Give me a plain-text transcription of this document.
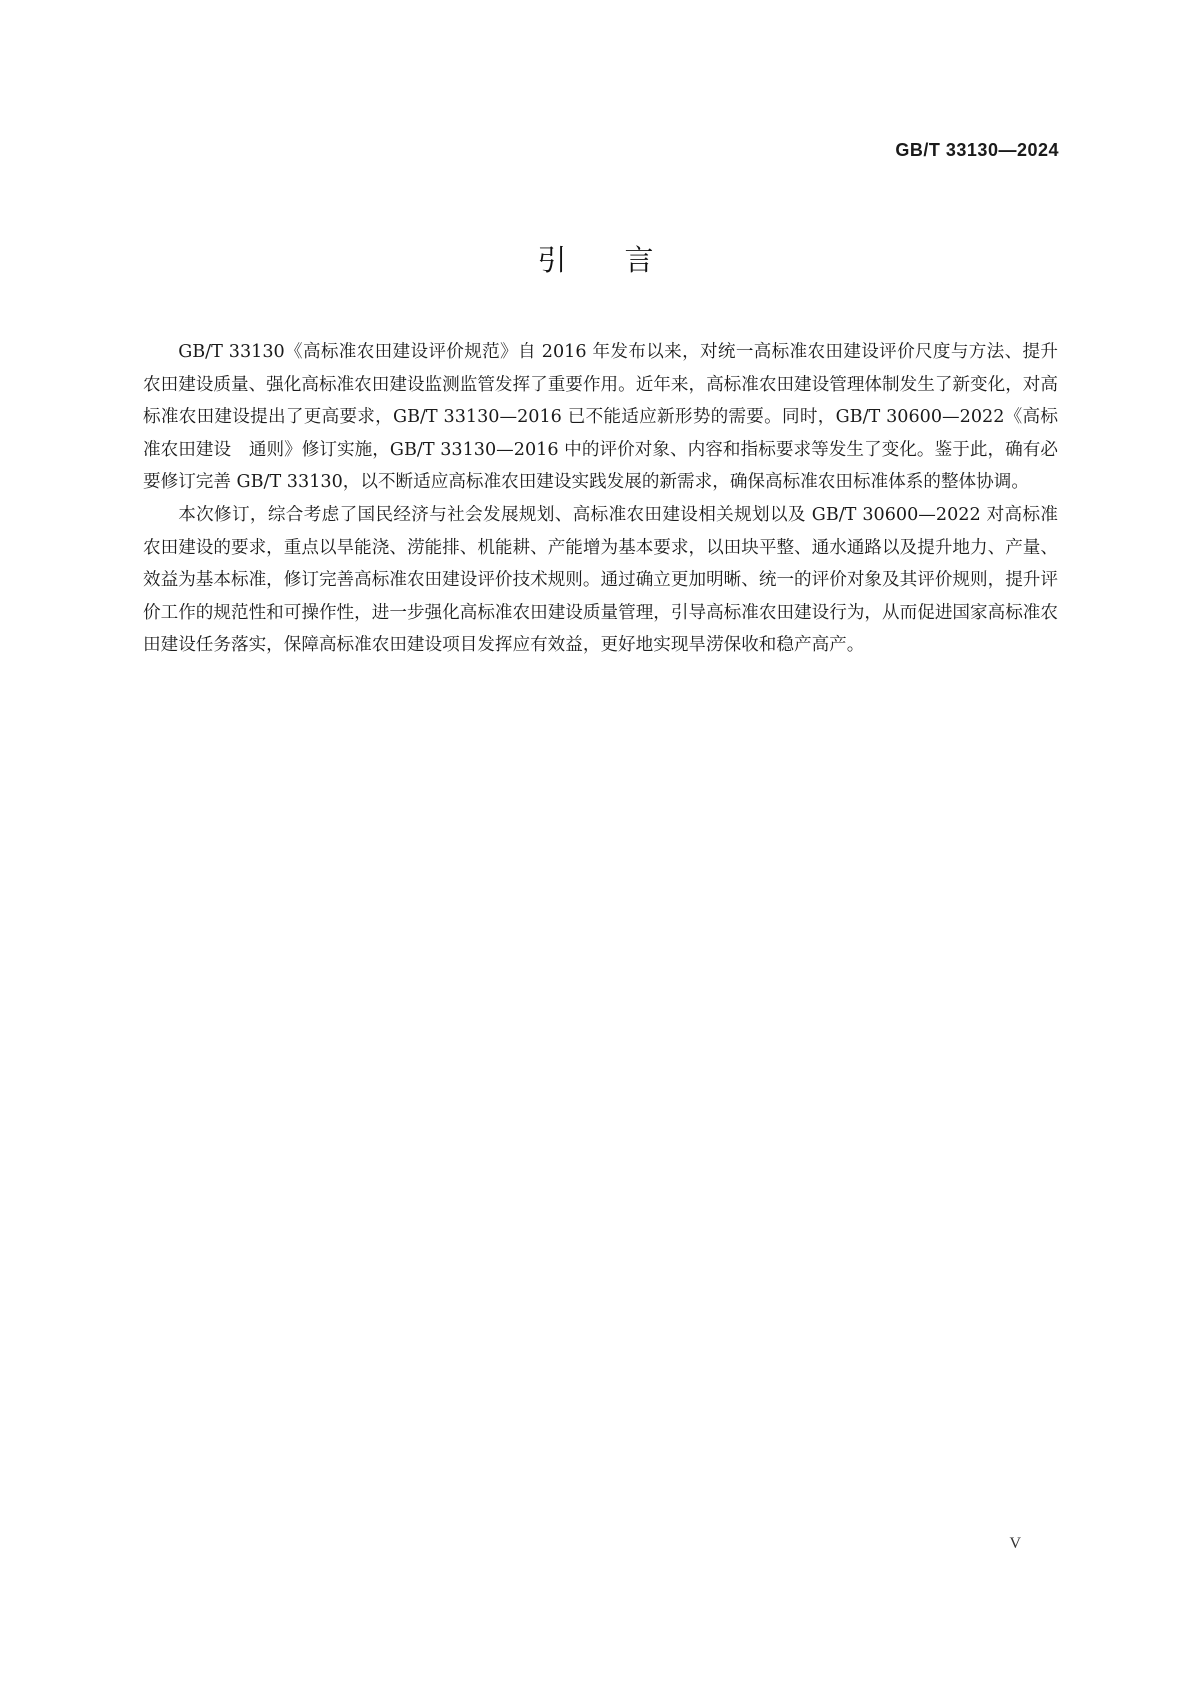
GB/T 33130—2024
引言

GB/T 33130《高标准农田建设评价规范》自 2016 年发布以来，对统一高标准农田建设评价尺度与方法、提升农田建设质量、强化高标准农田建设监测监管发挥了重要作用。近年来，高标准农田建设管理体制发生了新变化，对高标准农田建设提出了更高要求，GB/T 33130—2016 已不能适应新形势的需要。同时，GB/T 30600—2022《高标准农田建设　通则》修订实施，GB/T 33130—2016 中的评价对象、内容和指标要求等发生了变化。鉴于此，确有必要修订完善 GB/T 33130，以不断适应高标准农田建设实践发展的新需求，确保高标准农田标准体系的整体协调。

本次修订，综合考虑了国民经济与社会发展规划、高标准农田建设相关规划以及 GB/T 30600—2022 对高标准农田建设的要求，重点以旱能浇、涝能排、机能耕、产能增为基本要求，以田块平整、通水通路以及提升地力、产量、效益为基本标准，修订完善高标准农田建设评价技术规则。通过确立更加明晰、统一的评价对象及其评价规则，提升评价工作的规范性和可操作性，进一步强化高标准农田建设质量管理，引导高标准农田建设行为，从而促进国家高标准农田建设任务落实，保障高标准农田建设项目发挥应有效益，更好地实现旱涝保收和稳产高产。

V
